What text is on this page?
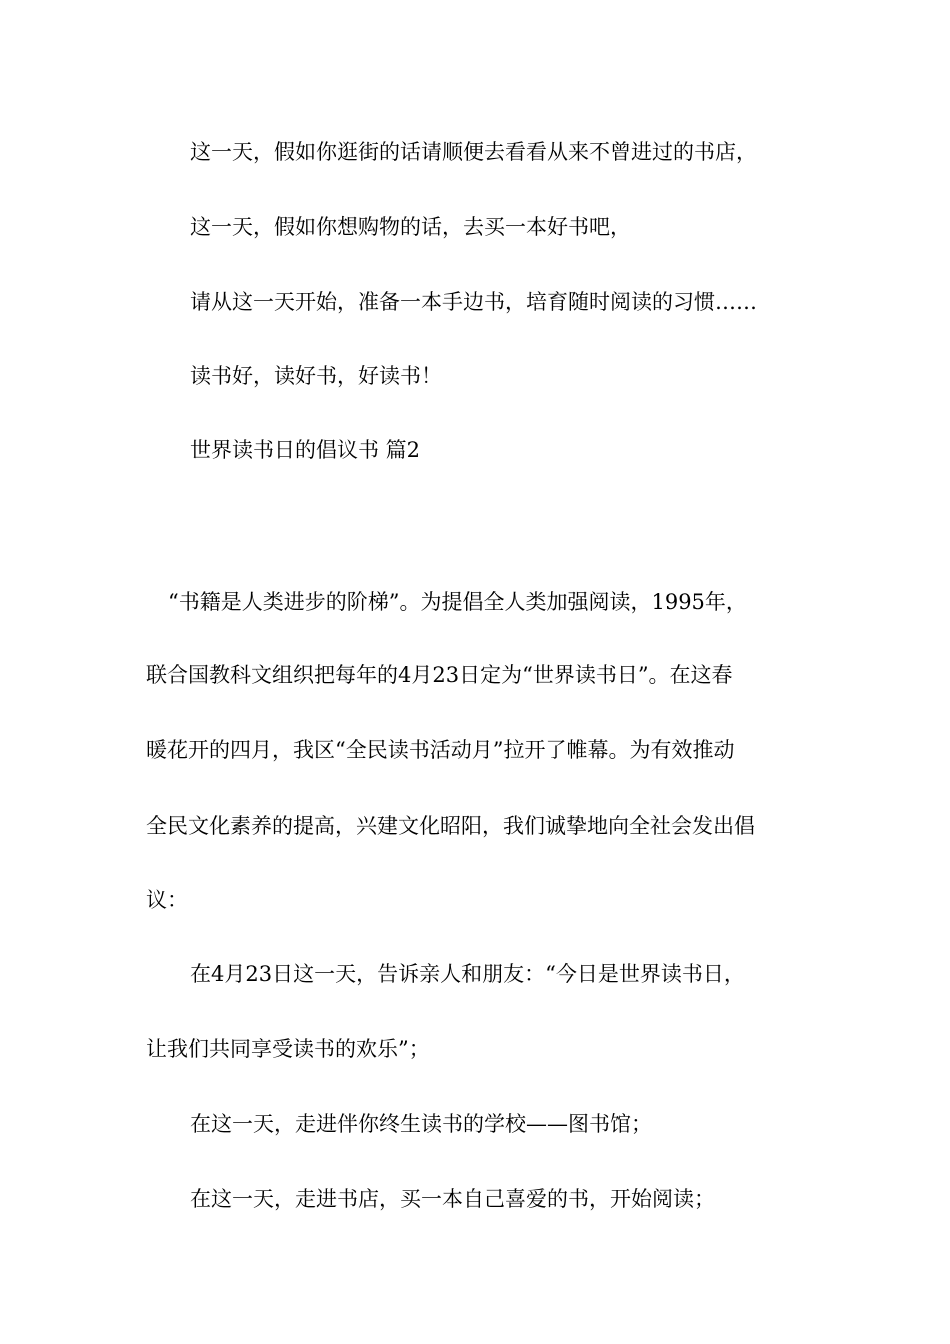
这一天，假如你逛街的话请顺便去看看从来不曾进过的书店，

这一天，假如你想购物的话，去买一本好书吧，

请从这一天开始，准备一本手边书，培育随时阅读的习惯……

读书好，读好书，好读书！

世界读书日的倡议书 篇2

“书籍是人类进步的阶梯”。为提倡全人类加强阅读，1995年，

联合国教科文组织把每年的4月23日定为“世界读书日”。在这春

暖花开的四月，我区“全民读书活动月”拉开了帷幕。为有效推动

全民文化素养的提高，兴建文化昭阳，我们诚挚地向全社会发出倡

议：

在4月23日这一天，告诉亲人和朋友：“今日是世界读书日，

让我们共同享受读书的欢乐”；

在这一天，走进伴你终生读书的学校——图书馆；

在这一天，走进书店，买一本自己喜爱的书，开始阅读；
